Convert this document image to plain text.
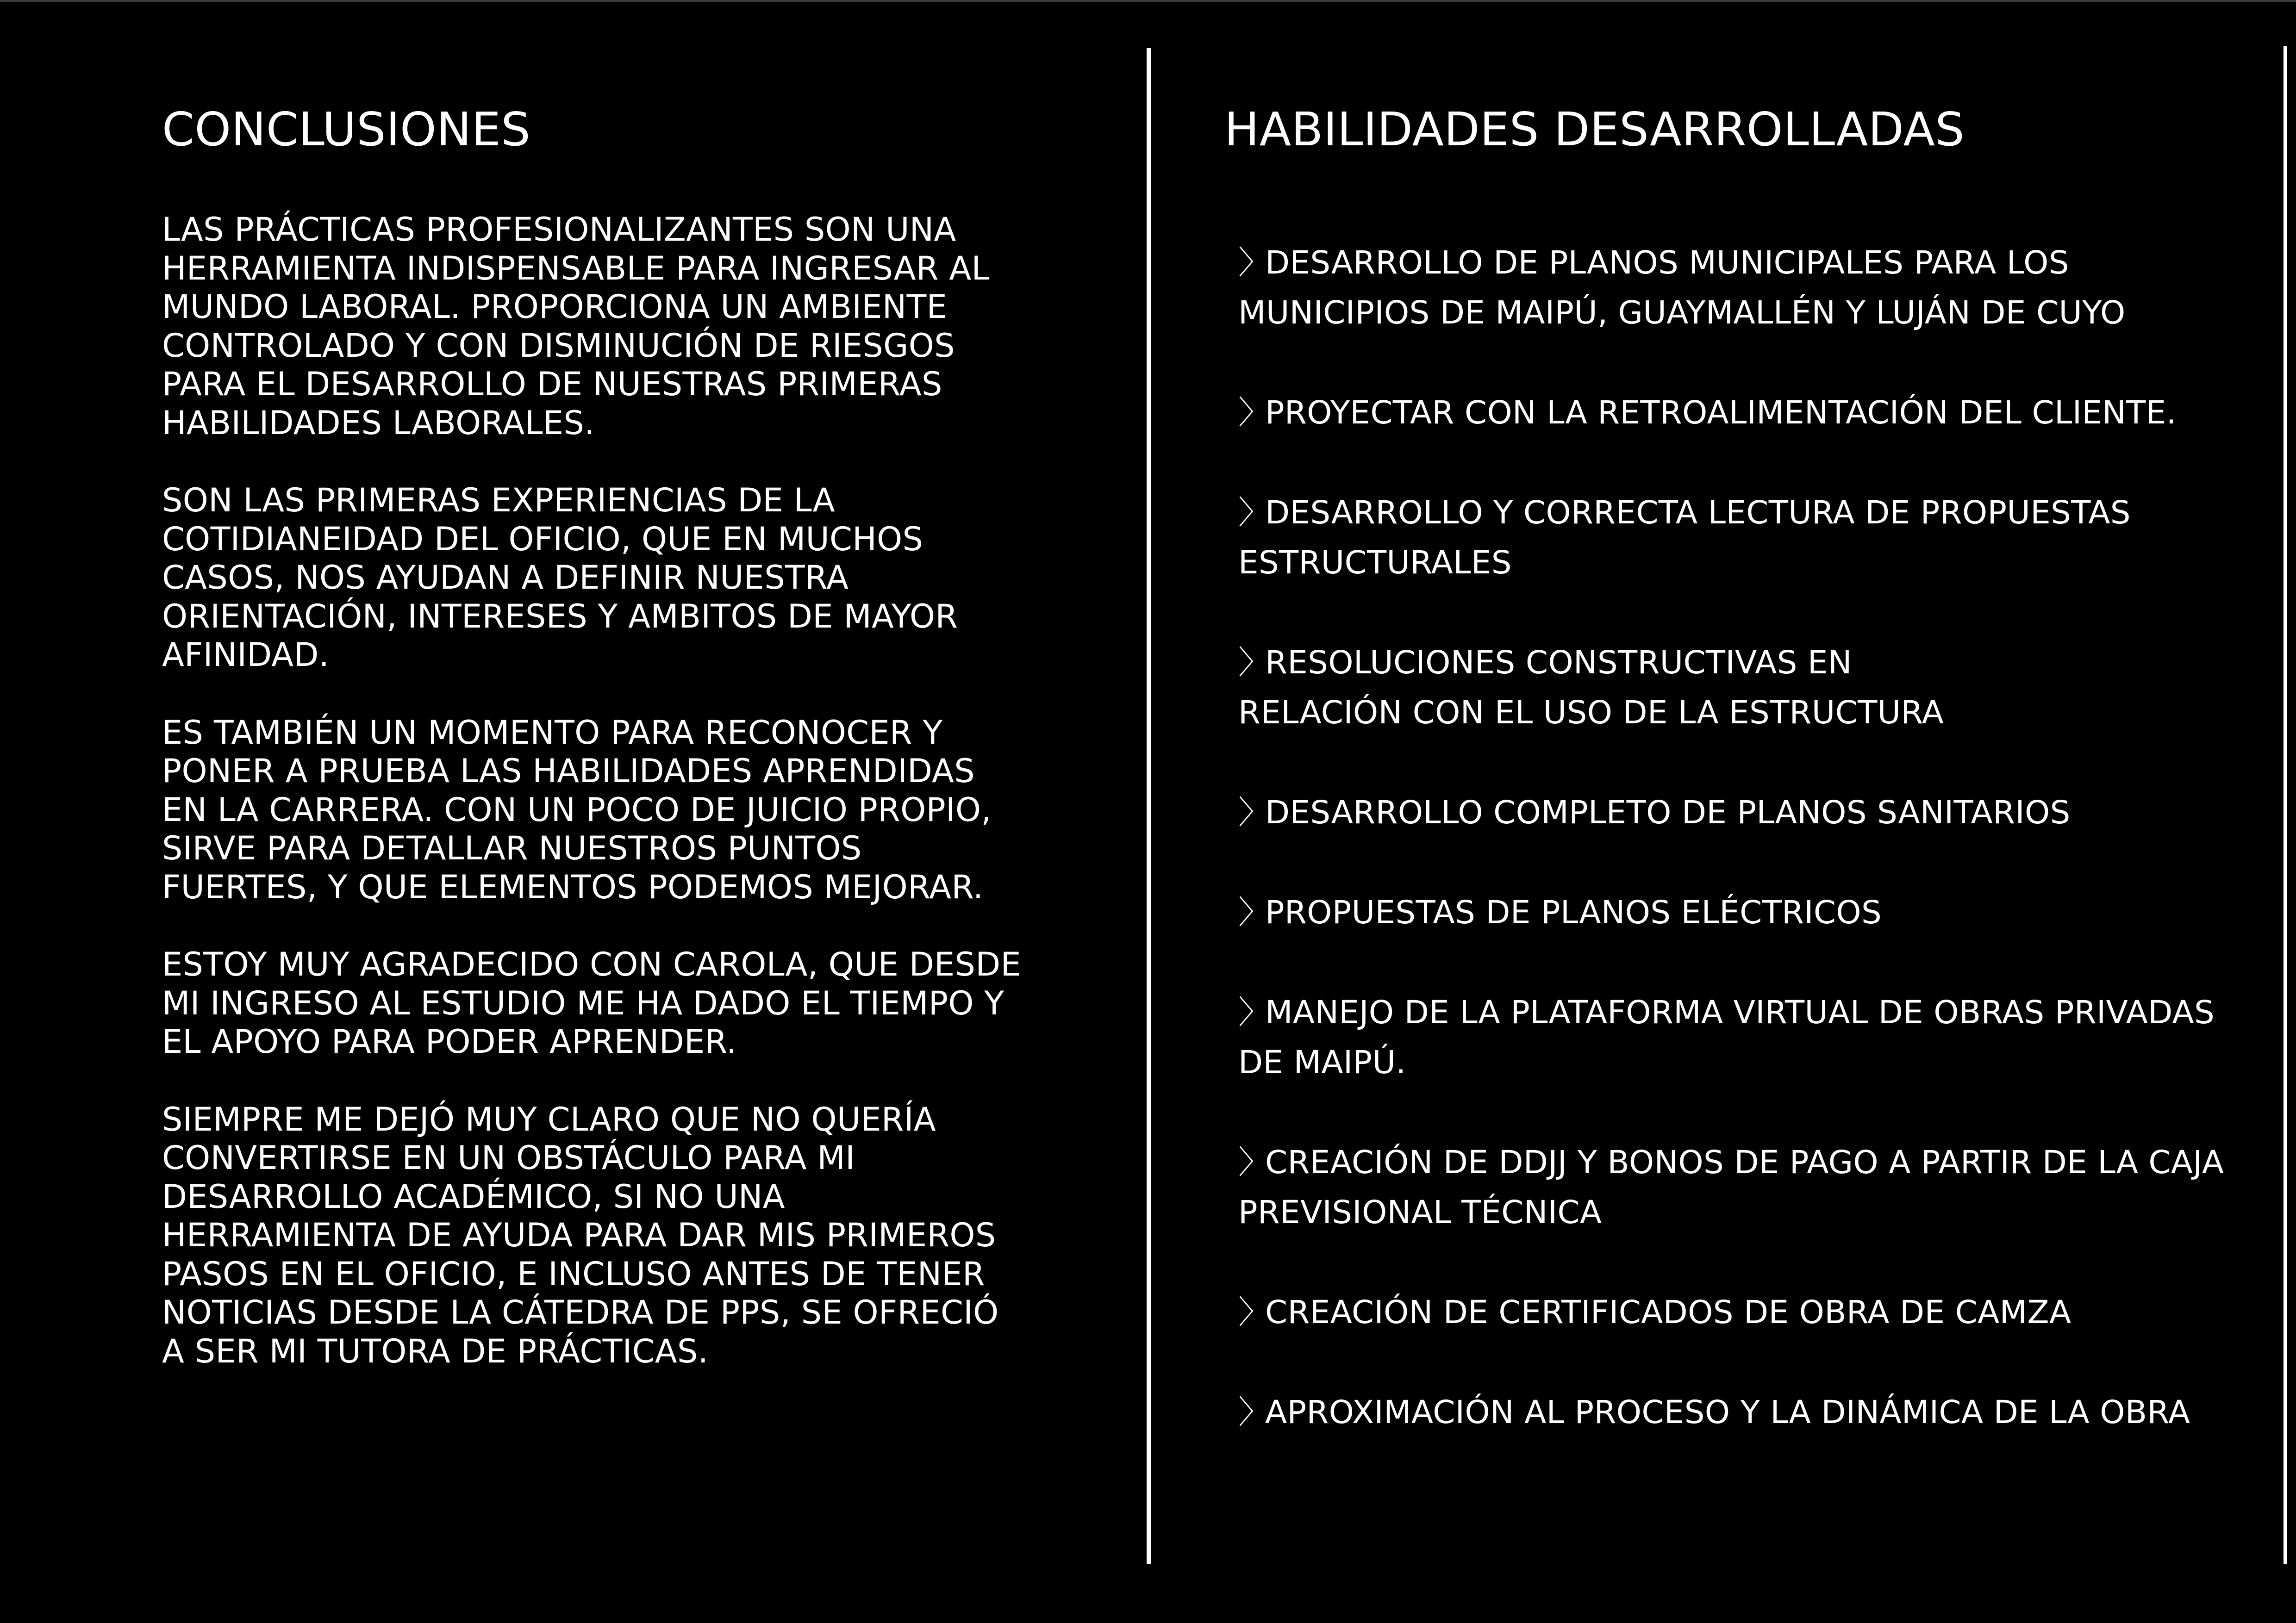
CONCLUSIONES

LAS PRÁCTICAS PROFESIONALIZANTES SON UNA HERRAMIENTA INDISPENSABLE PARA INGRESAR AL MUNDO LABORAL. PROPORCIONA UN AMBIENTE CONTROLADO Y CON DISMINUCIÓN DE RIESGOS PARA EL DESARROLLO DE NUESTRAS PRIMERAS HABILIDADES LABORALES.

SON LAS PRIMERAS EXPERIENCIAS DE LA COTIDIANEIDAD DEL OFICIO, QUE EN MUCHOS CASOS, NOS AYUDAN A DEFINIR NUESTRA ORIENTACIÓN, INTERESES Y AMBITOS DE MAYOR AFINIDAD.

ES TAMBIÉN UN MOMENTO PARA RECONOCER Y PONER A PRUEBA LAS HABILIDADES APRENDIDAS EN LA CARRERA. CON UN POCO DE JUICIO PROPIO, SIRVE PARA DETALLAR NUESTROS PUNTOS FUERTES, Y QUE ELEMENTOS PODEMOS MEJORAR.

ESTOY MUY AGRADECIDO CON CAROLA, QUE DESDE MI INGRESO AL ESTUDIO ME HA DADO EL TIEMPO Y EL APOYO PARA PODER APRENDER.

SIEMPRE ME DEJÓ MUY CLARO QUE NO QUERÍA CONVERTIRSE EN UN OBSTÁCULO PARA MI DESARROLLO ACADÉMICO, SI NO UNA HERRAMIENTA DE AYUDA PARA DAR MIS PRIMEROS PASOS EN EL OFICIO, E INCLUSO ANTES DE TENER NOTICIAS DESDE LA CÁTEDRA DE PPS, SE OFRECIÓ A SER MI TUTORA DE PRÁCTICAS.

HABILIDADES DESARROLLADAS
〉DESARROLLO DE PLANOS MUNICIPALES PARA LOS
MUNICIPIOS DE MAIPÚ, GUAYMALLÉN Y LUJÁN DE CUYO
〉PROYECTAR CON LA RETROALIMENTACIÓN DEL CLIENTE.
〉DESARROLLO Y CORRECTA LECTURA DE PROPUESTAS
ESTRUCTURALES
〉RESOLUCIONES CONSTRUCTIVAS EN
RELACIÓN CON EL USO DE LA ESTRUCTURA
〉DESARROLLO COMPLETO DE PLANOS SANITARIOS
〉PROPUESTAS DE PLANOS ELÉCTRICOS
〉MANEJO DE LA PLATAFORMA VIRTUAL DE OBRAS PRIVADAS
DE MAIPÚ.
〉CREACIÓN DE DDJJ Y BONOS DE PAGO A PARTIR DE LA CAJA
PREVISIONAL TÉCNICA
〉CREACIÓN DE CERTIFICADOS DE OBRA DE CAMZA
〉APROXIMACIÓN AL PROCESO Y LA DINÁMICA DE LA OBRA
